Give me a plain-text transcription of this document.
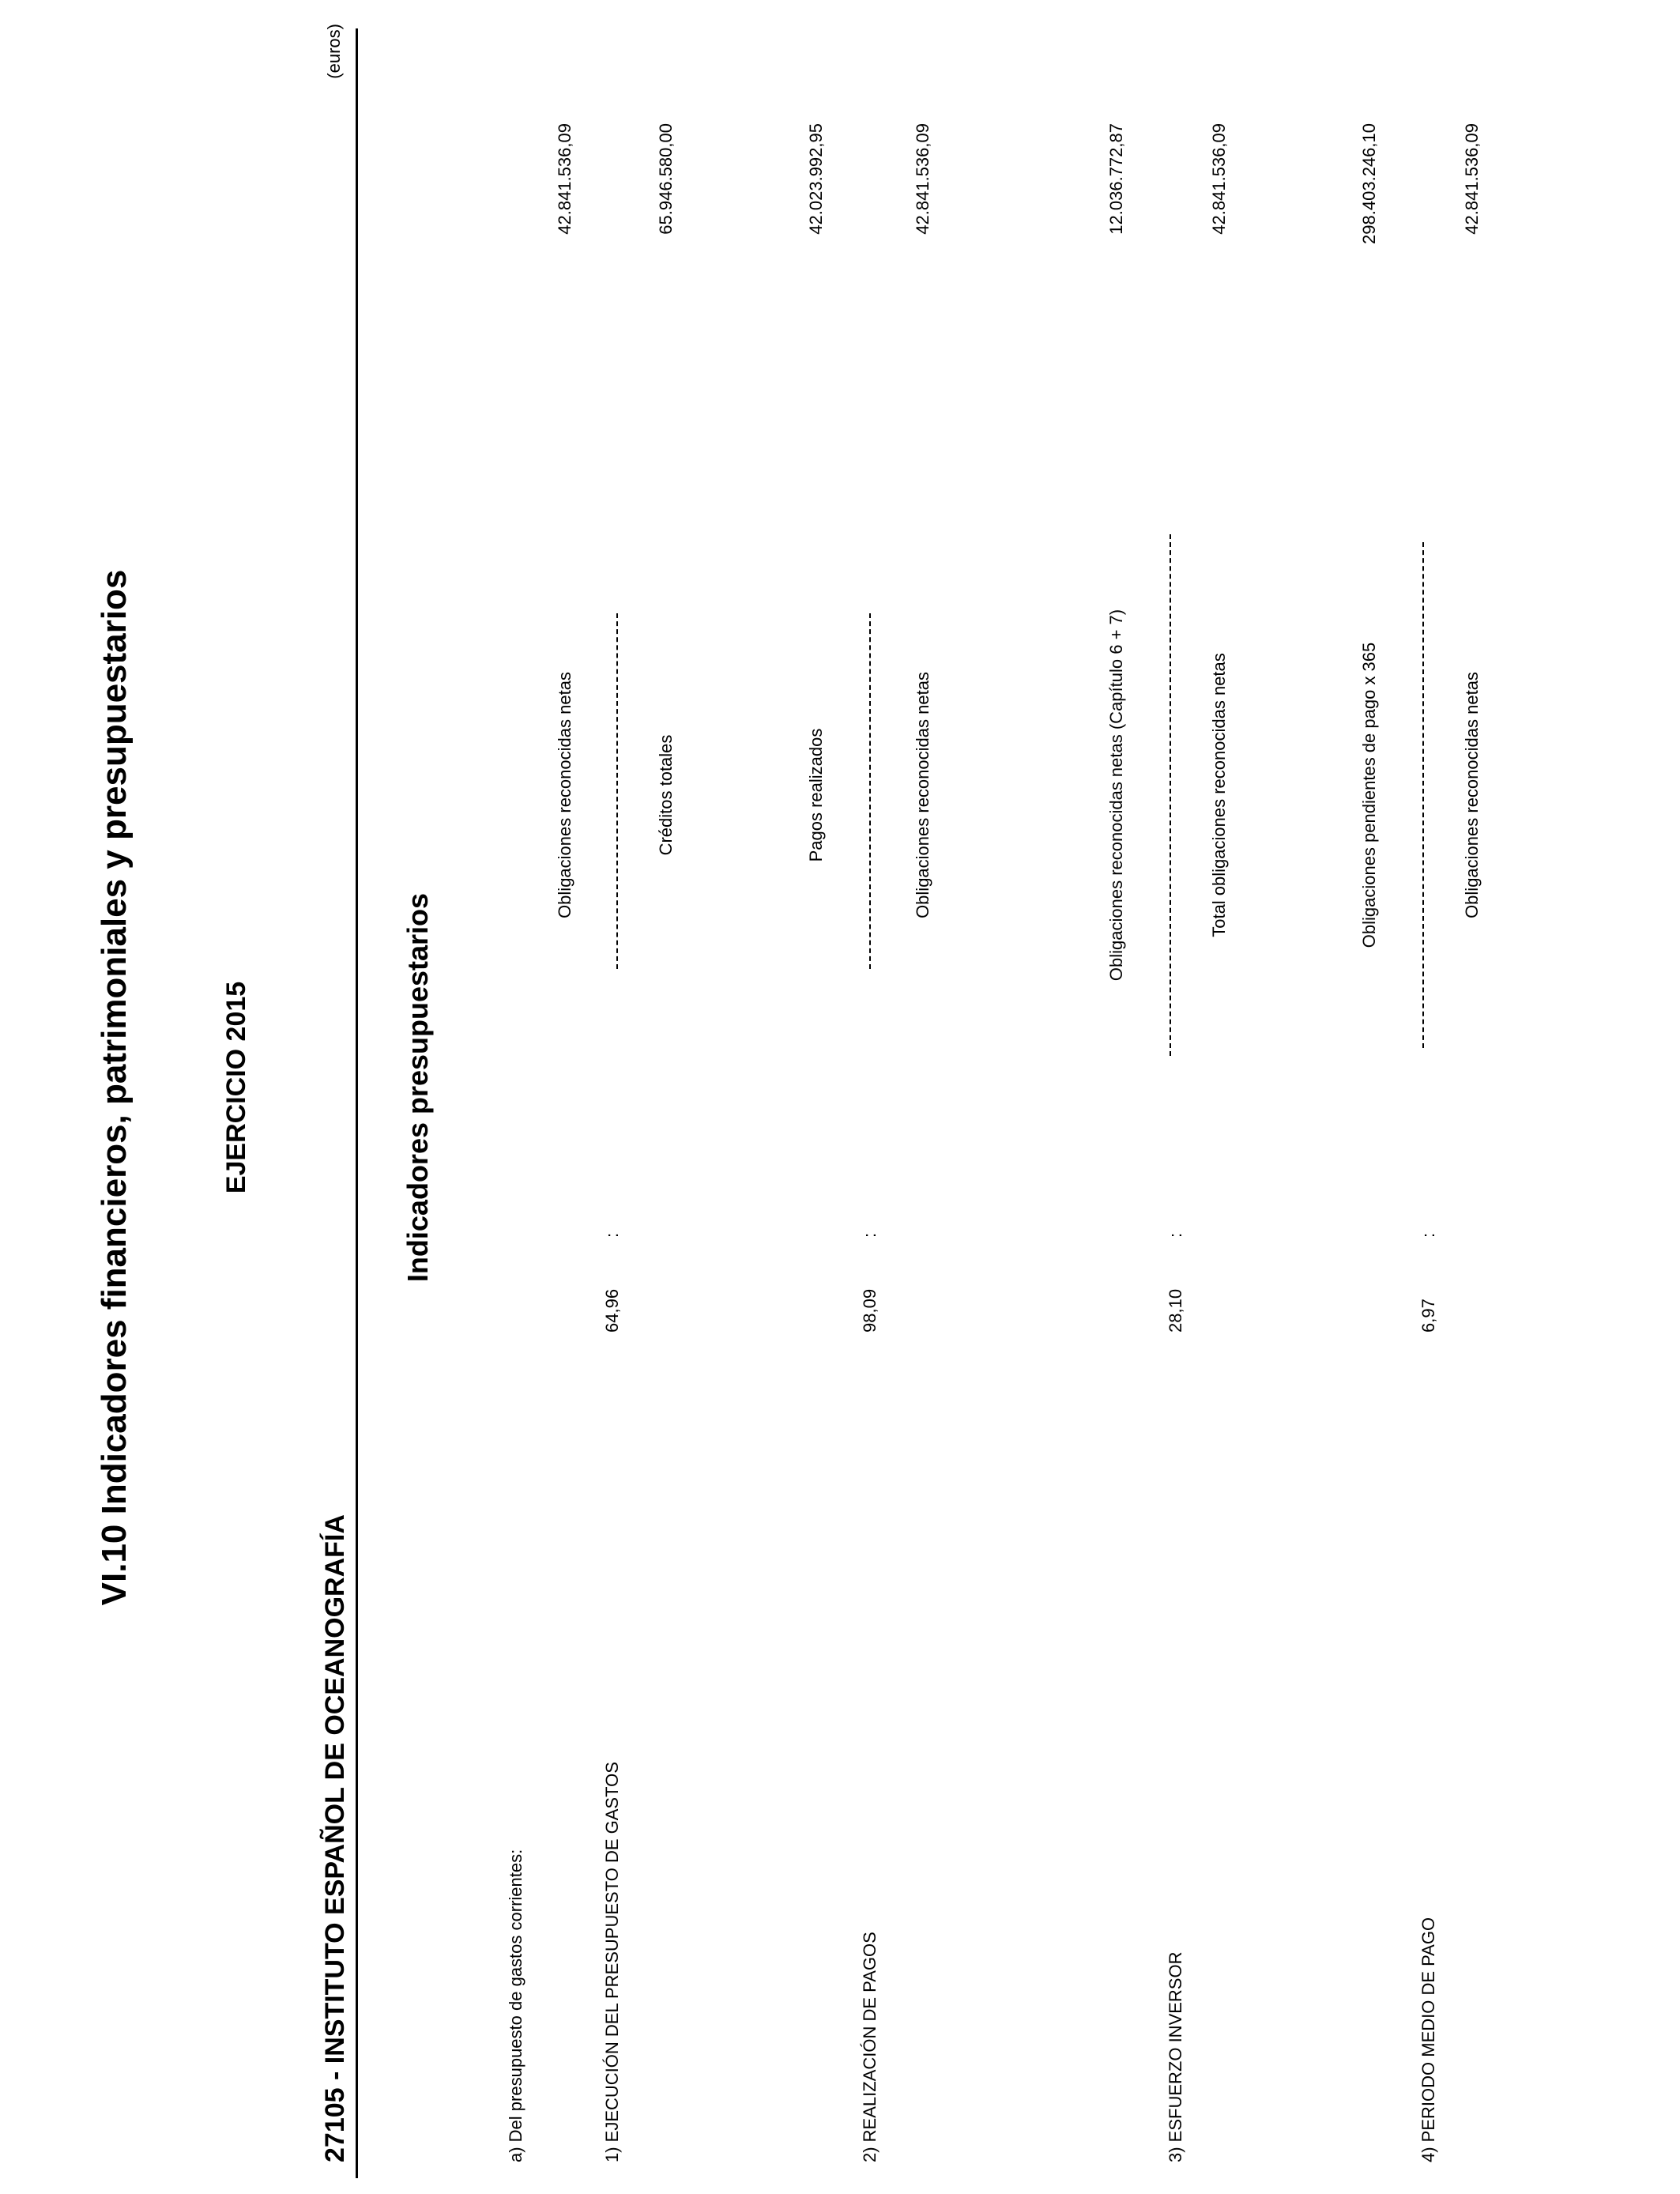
VI.10 Indicadores financieros, patrimoniales y presupuestarios	EJERCICIO 2015
27105 - INSTITUTO ESPAÑOL DE OCEANOGRAFÍA
(euros)
Indicadores presupuestarios
a) Del presupuesto de gastos corrientes:	1) EJECUCIÓN DEL PRESUPUESTO DE GASTOS
64,96
:
Obligaciones reconocidas netas	Créditos totales
42.841.536,09	65.946.580,00
2) REALIZACIÓN DE PAGOS
98,09
:
Pagos realizados	Obligaciones reconocidas netas
42.023.992,95	42.841.536,09
3) ESFUERZO INVERSOR
28,10
:
Obligaciones reconocidas netas (Capítulo 6 + 7)	Total obligaciones reconocidas netas
12.036.772,87	42.841.536,09
4) PERIODO MEDIO DE PAGO
6,97
:
Obligaciones pendientes de pago x 365	Obligaciones reconocidas netas
298.403.246,10	42.841.536,09
